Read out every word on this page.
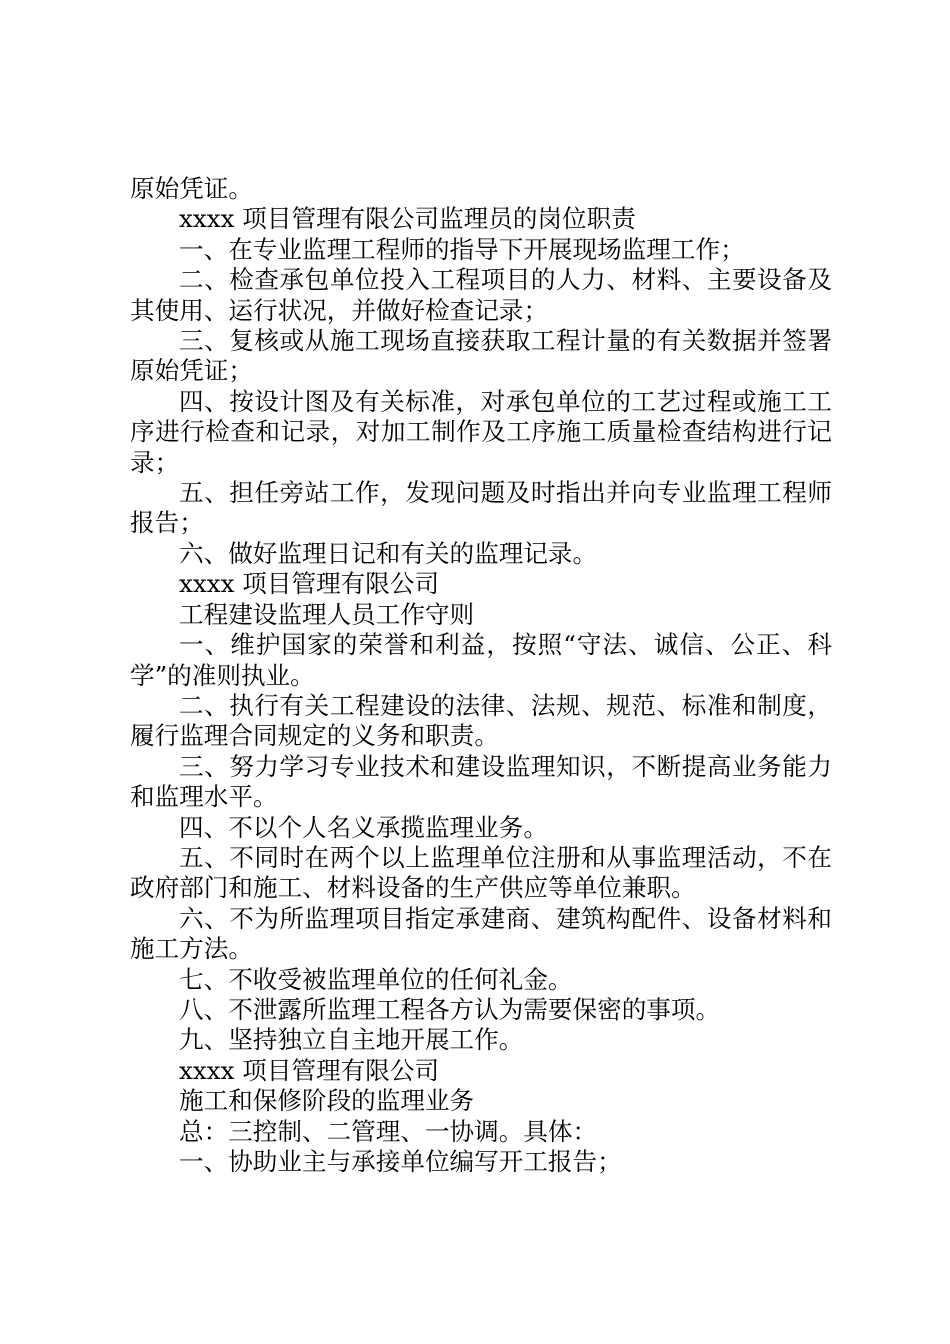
原始凭证。

xxxx 项目管理有限公司监理员的岗位职责

一、在专业监理工程师的指导下开展现场监理工作；

二、检查承包单位投入工程项目的人力、材料、主要设备及其使用、运行状况，并做好检查记录；

三、复核或从施工现场直接获取工程计量的有关数据并签署原始凭证；

四、按设计图及有关标准，对承包单位的工艺过程或施工工序进行检查和记录，对加工制作及工序施工质量检查结构进行记录；

五、担任旁站工作，发现问题及时指出并向专业监理工程师报告；

六、做好监理日记和有关的监理记录。

xxxx 项目管理有限公司

工程建设监理人员工作守则

一、维护国家的荣誉和利益，按照“守法、诚信、公正、科学”的准则执业。

二、执行有关工程建设的法律、法规、规范、标准和制度，履行监理合同规定的义务和职责。

三、努力学习专业技术和建设监理知识，不断提高业务能力和监理水平。

四、不以个人名义承揽监理业务。

五、不同时在两个以上监理单位注册和从事监理活动，不在政府部门和施工、材料设备的生产供应等单位兼职。

六、不为所监理项目指定承建商、建筑构配件、设备材料和施工方法。

七、不收受被监理单位的任何礼金。

八、不泄露所监理工程各方认为需要保密的事项。

九、坚持独立自主地开展工作。

xxxx 项目管理有限公司

施工和保修阶段的监理业务

总：三控制、二管理、一协调。具体：

一、协助业主与承接单位编写开工报告；
